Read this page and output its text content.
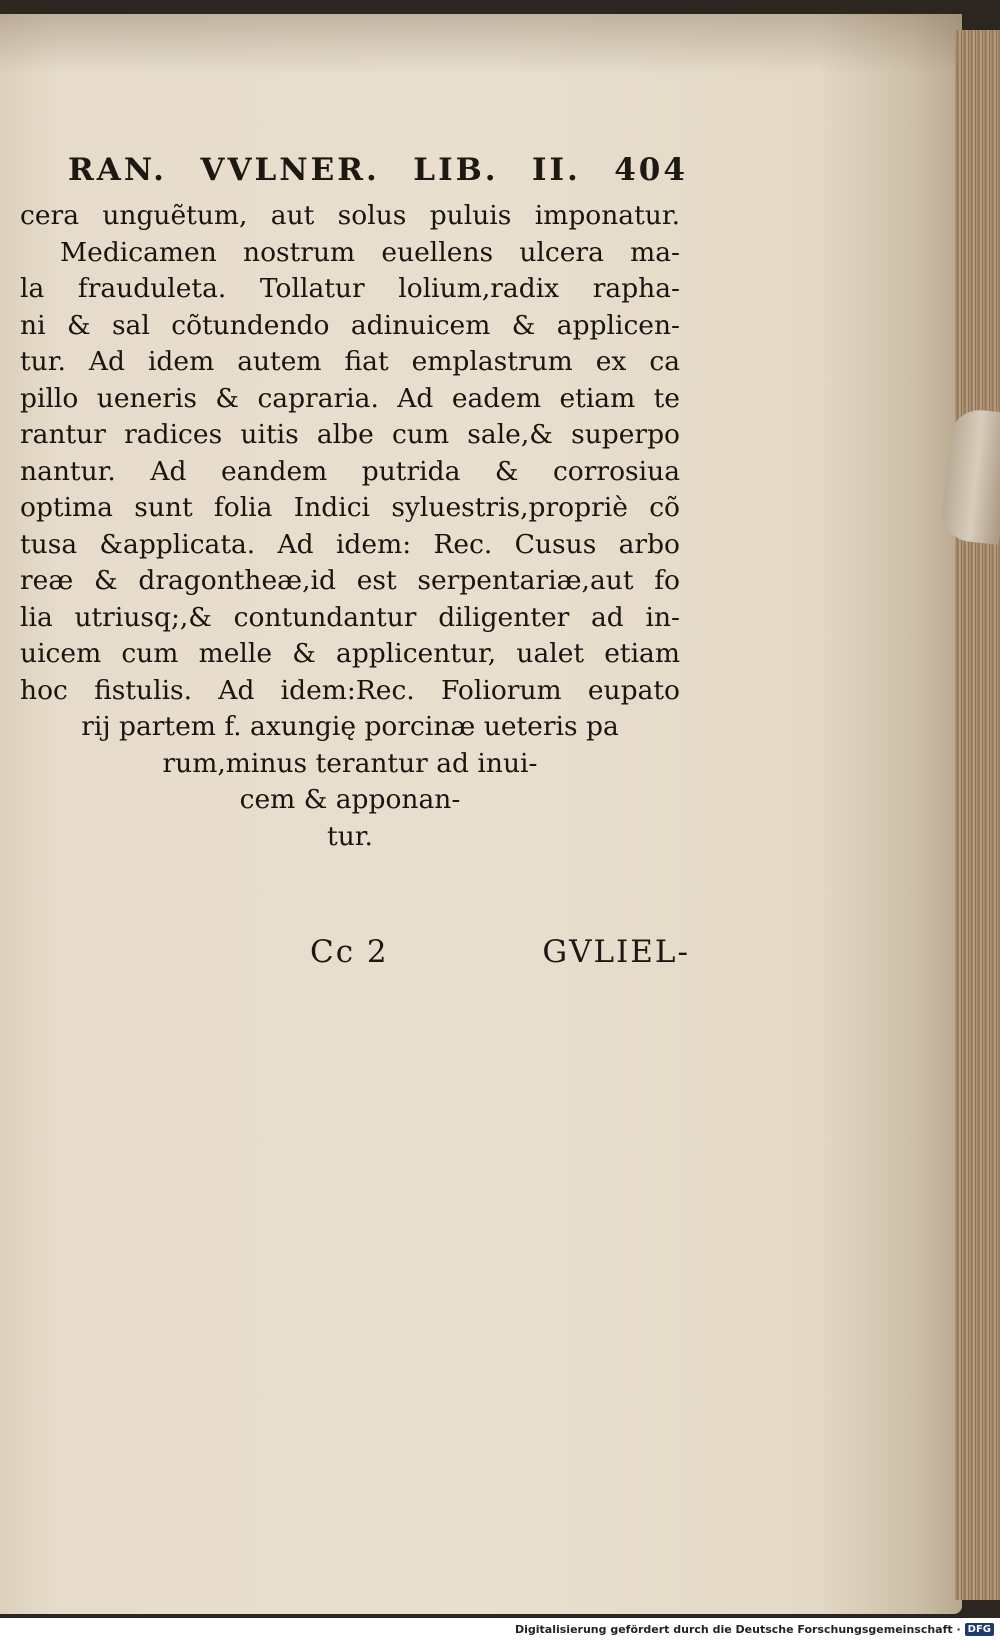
RAN. VVLNER. LIB. II. 404
cera unguẽtum, aut solus puluis imponatur.
Medicamen nostrum euellens ulcera ma-
la frauduleta. Tollatur lolium,radix rapha-
ni & sal cõtundendo adinuicem & applicen-
tur. Ad idem autem fiat emplastrum ex ca
pillo ueneris & capraria. Ad eadem etiam te
rantur radices uitis albe cum sale,& superpo
nantur. Ad eandem putrida & corrosiua
optima sunt folia Indici syluestris,propriè cõ
tusa &applicata. Ad idem: Rec. Cusus arbo
reæ & dragontheæ,id est serpentariæ,aut fo
lia utriusq;,& contundantur diligenter ad in-
uicem cum melle & applicentur, ualet etiam
hoc fistulis. Ad idem:Rec. Foliorum eupato
rij partem f. axungię porcinæ ueteris pa
rum,minus terantur ad inui-
cem & apponan-
tur.
Cc 2	GVLIEL-
Digitalisierung gefördert durch die Deutsche Forschungsgemeinschaft · DFG
